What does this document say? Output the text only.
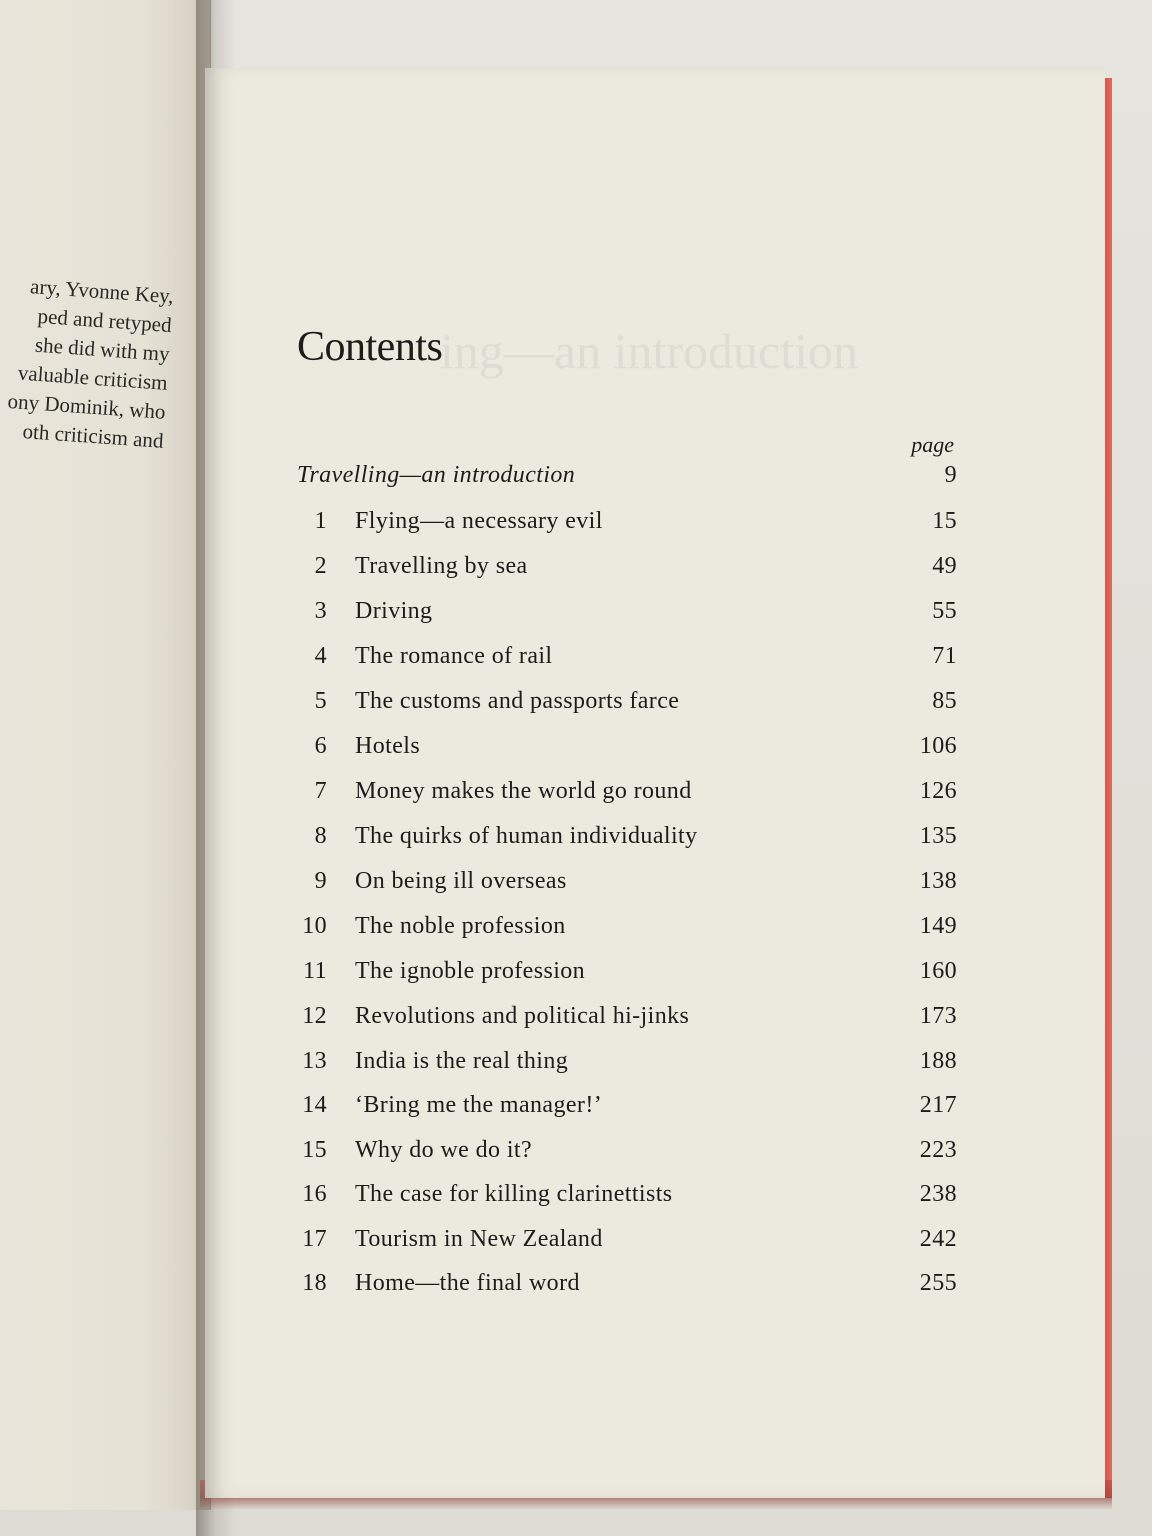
ary, Yvonne Key,
ped and retyped
she did with my
valuable criticism
ony Dominik, who
oth criticism and
ing—an introduction
Contents
page
Travelling—an introduction	9
1 Flying—a necessary evil	15
2 Travelling by sea	49
3 Driving	55
4 The romance of rail	71
5 The customs and passports farce	85
6 Hotels	106
7 Money makes the world go round	126
8 The quirks of human individuality	135
9 On being ill overseas	138
10 The noble profession	149
11 The ignoble profession	160
12 Revolutions and political hi-jinks	173
13 India is the real thing	188
14 ‘Bring me the manager!’	217
15 Why do we do it?	223
16 The case for killing clarinettists	238
17 Tourism in New Zealand	242
18 Home—the final word	255
